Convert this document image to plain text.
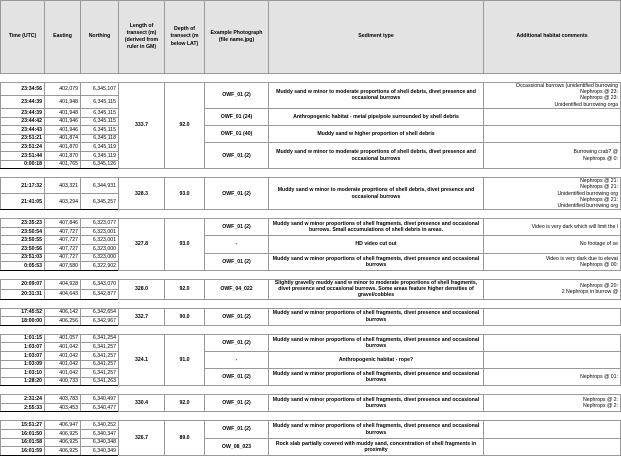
Time (UTC)	Easting	Northing	Length of transect (m) (derived from ruler in GM)	Depth of transect (m below LAT)	Example Photograph (file name.jpg)	Sediment type	Additional habitat comments

23:34:56	402,079	6,345,107	333.7	92.0	OWF_01 (2)	Muddy sand w minor to moderate proportions of shell debris, divet presence and occasional burrows	Occassional burrows (unidentified burrowing
Nephrops @ 23:
Nephrops @ 23:
Unidentified burrowing orga

23:44:39	401,948	6,345,115					
23:44:39	401,948	6,345,115			OWF_01 (24)	Anthropogenic habitat - metal pipe/pole surrounded by shell debris	
23:44:42	401,946	6,345,115					
23:44:43	401,946	6,345,115			OWF_01 (40)	Muddy sand w higher proportion of shell debris	
23:51:21	401,874	6,345,118					
23:51:24	401,870	6,345,119			OWF_01 (2)	Muddy sand w minor to moderate proportions of shell debris, divet presence and occasional burrows	Burrowing crab? @
Nephrops @ 0:

23:51:44	401,870	6,345,119					
0:00:18	401,765	6,345,126					

21:17:32	403,321	6,344,931	328.3	93.0	OWF_01 (2)	Muddy sand w minor to moderate proprtions of shell debris, divet presence and occasional burrows	Nephrops @ 21:
Nephrops @ 21:
Unidentified burrowing org
Nephrops @ 21:
Unidentified burrowing org

21:41:05	403,294	6,345,257					

23:35:23	407,846	6,323,077	327.8	93.0	OWF_01 (2)	Muddy sand w minor proportions of shell fragments, divet presence and occasional burrows. Small accumulations of shell debris in areas.	Video is very dark which will limit the l

23:50:54	407,727	6,323,001					
23:50:55	407,727	6,323,001			-	HD video cut out	No footage of se

23:50:56	407,727	6,323,000					
23:51:03	407,727	6,323,000			OWF_01 (2)	Muddy sand w minor proportions of shell fragments, divet presence and occasional burrows	Video is very dark due to elevat
Nephrops @ 00:

0:05:53	407,580	6,322,902					

20:09:07	404,928	6,343,070	328.0	92.0	OWF_04_022	Slightly gravelly muddy sand w minor to moderate proportions of shell fragments, divet presence and occasional burrows. Some areas feature higher densities of gravel/cobbles	Nephrops @ 20:
2 Nephrops in burrow @

20:31:31	404,643	6,342,877					

17:45:52	406,142	6,342,654	332.7	90.0	OWF_01 (2)	Muddy sand w minor proportions of shell fragments, divet presence and occasional burrows	
18:00:00	406,256	6,342,967					

1:01:15	401,057	6,341,254	324.1	91.0	OWF_01 (2)	Muddy sand w minor proportions of shell fragments, divet presence and occasional burrows	
1:03:07	401,042	6,341,257					
1:03:07	401,042	6,341,257			-	Anthropogenic habitat - rope?	
1:03:09	401,042	6,341,257					
1:03:10	401,042	6,341,257			OWF_01 (2)	Muddy sand w minor proportions of shell fragments, divet presence and occasional burrows	Nephrops @ 01:

1:28:20	400,733	6,341,263					

2:31:24	403,783	6,340,497	330.4	92.0	OWF_01 (2)	Muddy sand w minor proportions of shell fragments, divet presence and occasional burrows	Nephrops @ 2:
Nephrops @ 2:

2:55:33	403,453	6,340,477					

15:51:27	406,947	6,340,252	326.7	89.0	OWF_01 (2)	Muddy sand w minor proportions of shell fragments, divet presence and occasional burrows	
16:01:50	406,925	6,340,347					
16:01:58	406,925	6,340,348			OW_08_023	Rock slab partially covered with muddy sand, concentration of shell fragments in proximity	
16:01:59	406,925	6,340,349					
